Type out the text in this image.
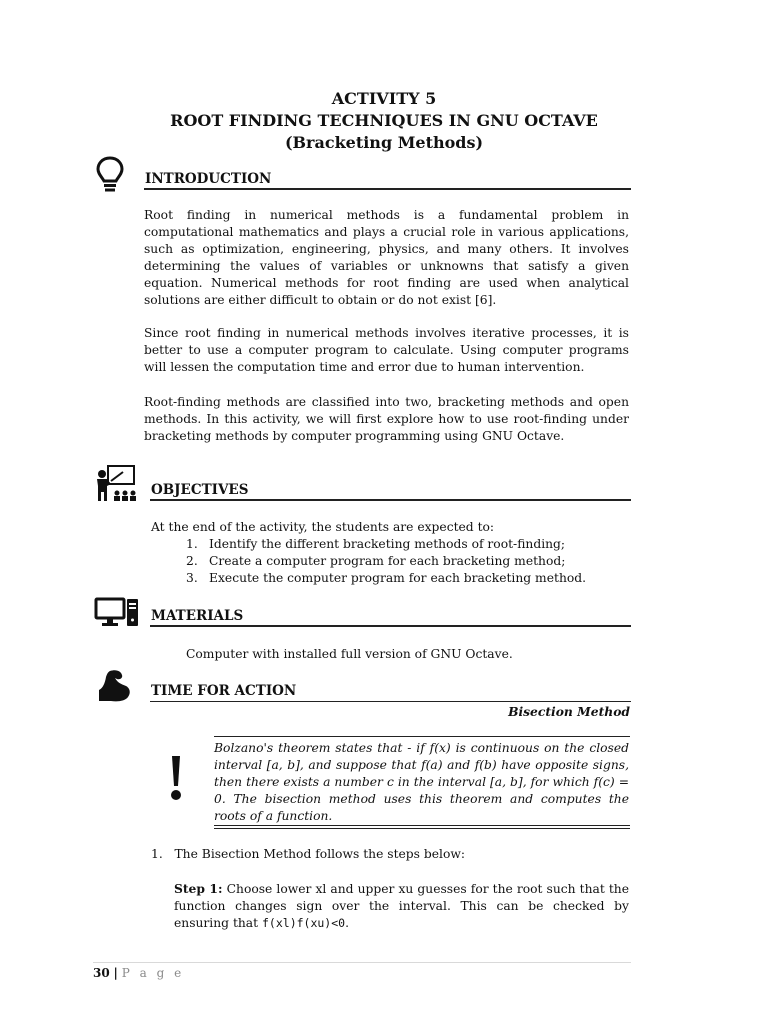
ACTIVITY 5
ROOT FINDING TECHNIQUES IN GNU OCTAVE
(Bracketing Methods)
INTRODUCTION
Root finding in numerical methods is a fundamental problem in computational mathematics and plays a crucial role in various applications, such as optimization, engineering, physics, and many others. It involves determining the values of variables or unknowns that satisfy a given equation. Numerical methods for root finding are used when analytical solutions are either difficult to obtain or do not exist [6].
Since root finding in numerical methods involves iterative processes, it is better to use a computer program to calculate. Using computer programs will lessen the computation time and error due to human intervention.
Root-finding methods are classified into two, bracketing methods and open methods. In this activity, we will first explore how to use root-finding under bracketing methods by computer programming using GNU Octave.
OBJECTIVES
At the end of the activity, the students are expected to:
1. Identify the different bracketing methods of root-finding;
2. Create a computer program for each bracketing method;
3. Execute the computer program for each bracketing method.
MATERIALS
Computer with installed full version of GNU Octave.
TIME FOR ACTION
Bisection Method
Bolzano's theorem states that - if f(x) is continuous on the closed interval [a, b], and suppose that f(a) and f(b) have opposite signs, then there exists a number c in the interval [a, b], for which f(c) = 0. The bisection method uses this theorem and computes the roots of a function.
1. The Bisection Method follows the steps below:
Step 1: Choose lower xl and upper xu guesses for the root such that the function changes sign over the interval. This can be checked by ensuring that f(xl)f(xu)<0.
30 | P a g e
